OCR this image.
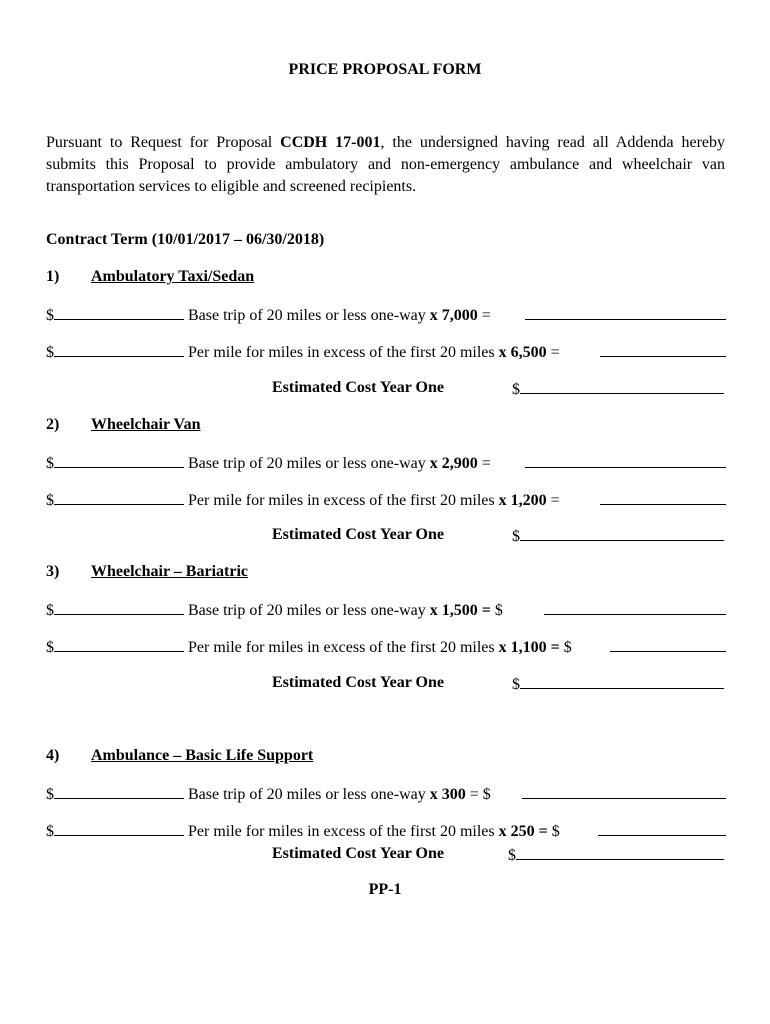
PRICE PROPOSAL FORM
Pursuant to Request for Proposal CCDH 17-001, the undersigned having read all Addenda hereby submits this Proposal to provide ambulatory and non-emergency ambulance and wheelchair van transportation services to eligible and screened recipients.
Contract Term (10/01/2017 – 06/30/2018)
1) Ambulatory Taxi/Sedan
$	Base trip of 20 miles or less one-way x 7,000 =
$	Per mile for miles in excess of the first 20 miles x 6,500 =
Estimated Cost Year One	$
2) Wheelchair Van
$	Base trip of 20 miles or less one-way x 2,900 =
$	Per mile for miles in excess of the first 20 miles x 1,200 =
Estimated Cost Year One	$
3) Wheelchair – Bariatric
$	Base trip of 20 miles or less one-way x 1,500 = $
$	Per mile for miles in excess of the first 20 miles x 1,100 = $
Estimated Cost Year One	$
4) Ambulance – Basic Life Support
$	Base trip of 20 miles or less one-way x 300 = $
$	Per mile for miles in excess of the first 20 miles x 250 = $
Estimated Cost Year One	$
PP-1
